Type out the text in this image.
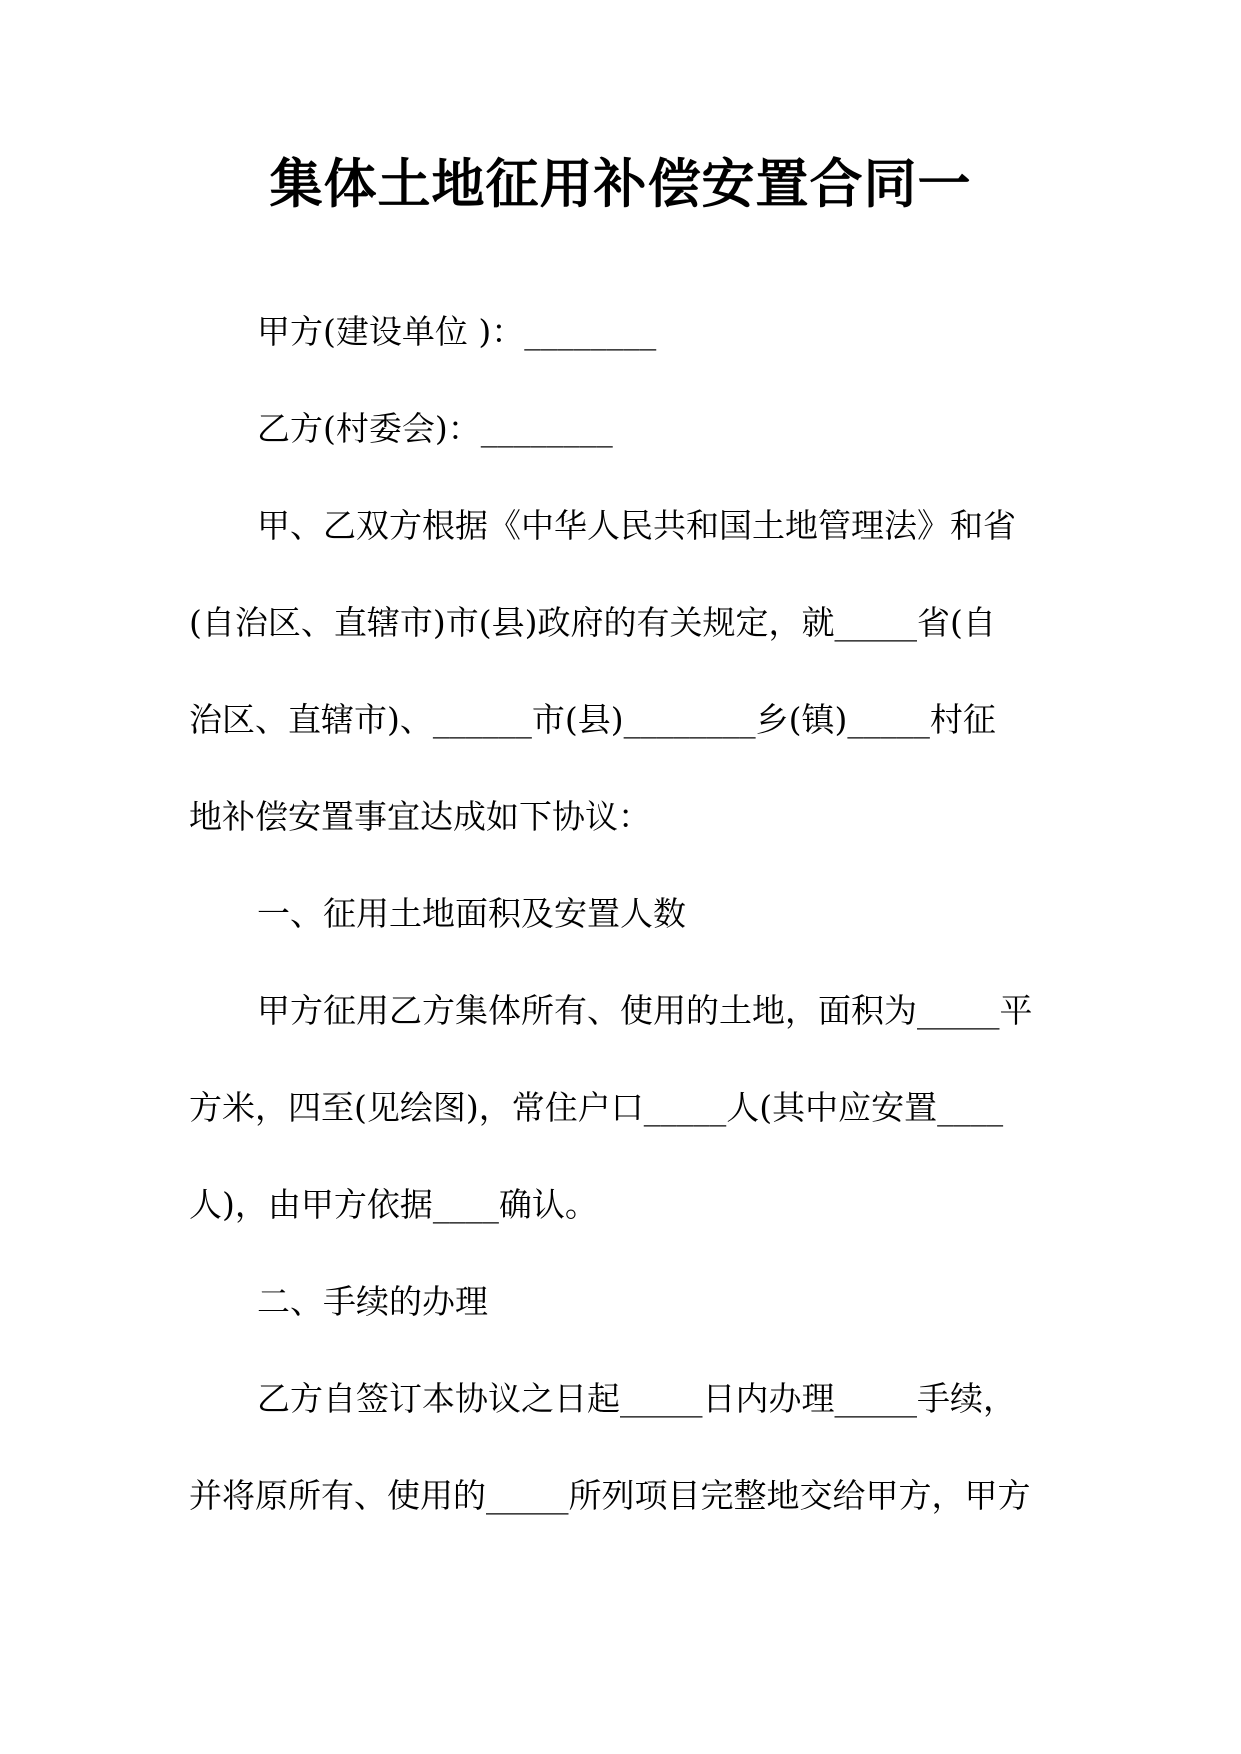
集体土地征用补偿安置合同一

甲方(建设单位 )：________

乙方(村委会)：________

甲、乙双方根据《中华人民共和国土地管理法》和省

(自治区、直辖市)市(县)政府的有关规定，就_____省(自

治区、直辖市)、______市(县)________乡(镇)_____村征

地补偿安置事宜达成如下协议：

一、征用土地面积及安置人数

甲方征用乙方集体所有、使用的土地，面积为_____平

方米，四至(见绘图)，常住户口_____人(其中应安置____

人)，由甲方依据____确认。

二、手续的办理

乙方自签订本协议之日起_____日内办理_____手续，

并将原所有、使用的_____所列项目完整地交给甲方，甲方
